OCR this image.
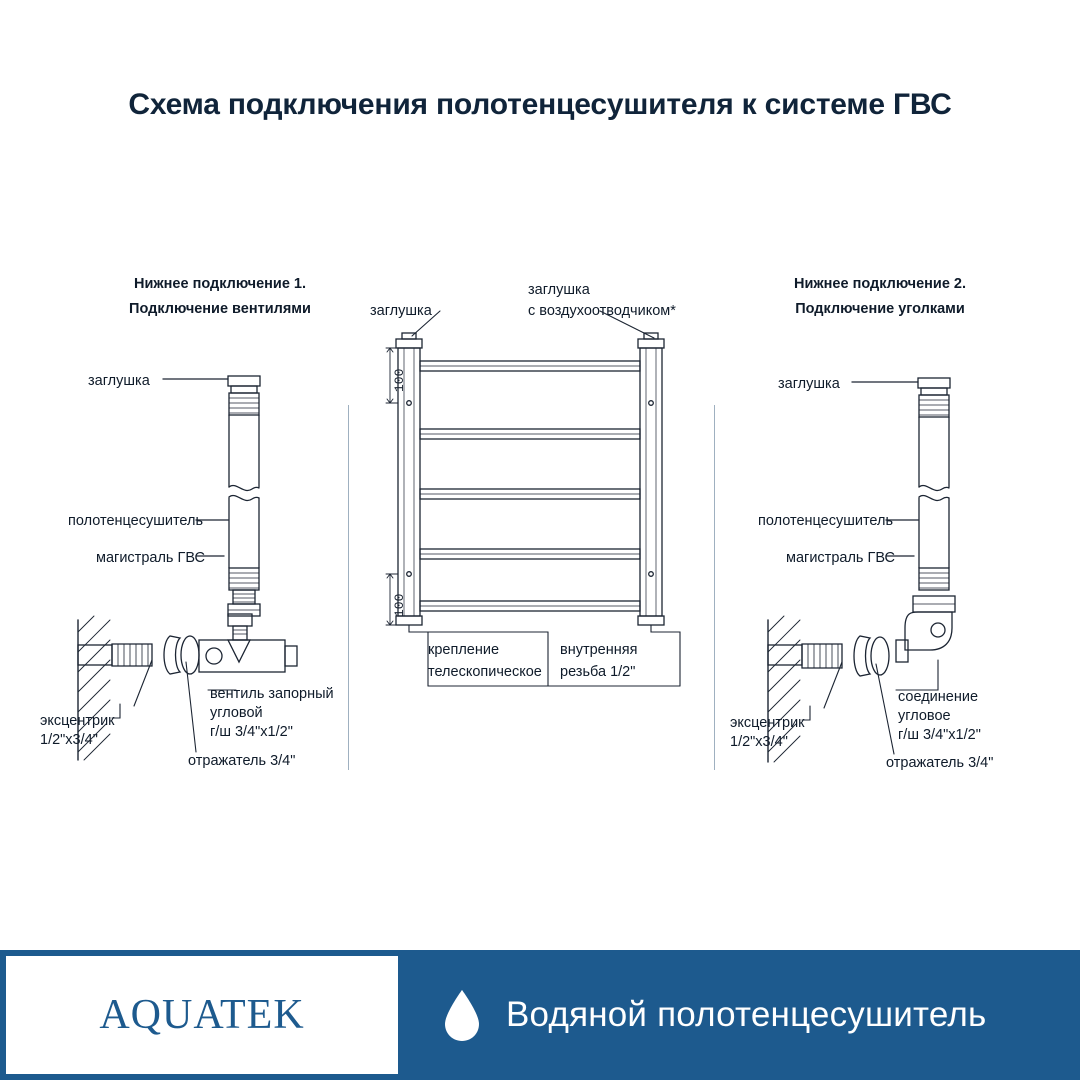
Схема подключения полотенцесушителя к системе ГВС
Нижнее подключение 1.
Подключение вентилями
заглушка
полотенцесушитель
магистраль ГВС
эксцентрик
1/2"х3/4"
вентиль запорный
угловой
г/ш 3/4"х1/2"
отражатель 3/4"
заглушка
заглушка
с воздухоотводчиком*
100
100
крепление
телескопическое
внутренняя
резьба 1/2"
Нижнее подключение 2.
Подключение уголками
заглушка
полотенцесушитель
магистраль ГВС
эксцентрик
1/2"х3/4"
соединение
угловое
г/ш 3/4"х1/2"
отражатель 3/4"
AQUATEK	Водяной полотенцесушитель
